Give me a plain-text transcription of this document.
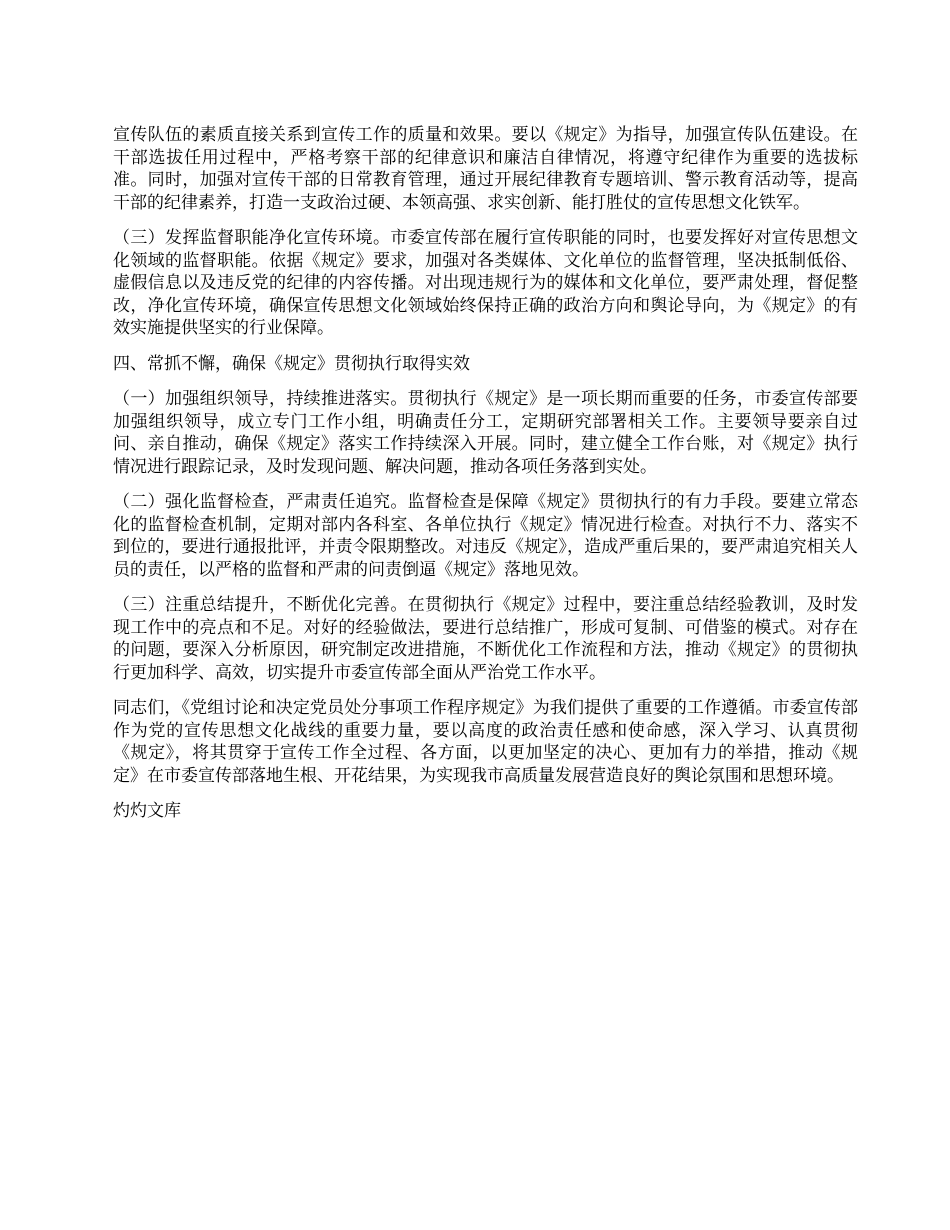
宣传队伍的素质直接关系到宣传工作的质量和效果。要以《规定》为指导，加强宣传队伍建设。在干部选拔任用过程中，严格考察干部的纪律意识和廉洁自律情况，将遵守纪律作为重要的选拔标准。同时，加强对宣传干部的日常教育管理，通过开展纪律教育专题培训、警示教育活动等，提高干部的纪律素养，打造一支政治过硬、本领高强、求实创新、能打胜仗的宣传思想文化铁军。

（三）发挥监督职能净化宣传环境。市委宣传部在履行宣传职能的同时，也要发挥好对宣传思想文化领域的监督职能。依据《规定》要求，加强对各类媒体、文化单位的监督管理，坚决抵制低俗、虚假信息以及违反党的纪律的内容传播。对出现违规行为的媒体和文化单位，要严肃处理，督促整改，净化宣传环境，确保宣传思想文化领域始终保持正确的政治方向和舆论导向，为《规定》的有效实施提供坚实的行业保障。

四、常抓不懈，确保《规定》贯彻执行取得实效

（一）加强组织领导，持续推进落实。贯彻执行《规定》是一项长期而重要的任务，市委宣传部要加强组织领导，成立专门工作小组，明确责任分工，定期研究部署相关工作。主要领导要亲自过问、亲自推动，确保《规定》落实工作持续深入开展。同时，建立健全工作台账，对《规定》执行情况进行跟踪记录，及时发现问题、解决问题，推动各项任务落到实处。

（二）强化监督检查，严肃责任追究。监督检查是保障《规定》贯彻执行的有力手段。要建立常态化的监督检查机制，定期对部内各科室、各单位执行《规定》情况进行检查。对执行不力、落实不到位的，要进行通报批评，并责令限期整改。对违反《规定》，造成严重后果的，要严肃追究相关人员的责任，以严格的监督和严肃的问责倒逼《规定》落地见效。

（三）注重总结提升，不断优化完善。在贯彻执行《规定》过程中，要注重总结经验教训，及时发现工作中的亮点和不足。对好的经验做法，要进行总结推广，形成可复制、可借鉴的模式。对存在的问题，要深入分析原因，研究制定改进措施，不断优化工作流程和方法，推动《规定》的贯彻执行更加科学、高效，切实提升市委宣传部全面从严治党工作水平。

同志们，《党组讨论和决定党员处分事项工作程序规定》为我们提供了重要的工作遵循。市委宣传部作为党的宣传思想文化战线的重要力量，要以高度的政治责任感和使命感，深入学习、认真贯彻《规定》，将其贯穿于宣传工作全过程、各方面，以更加坚定的决心、更加有力的举措，推动《规定》在市委宣传部落地生根、开花结果，为实现我市高质量发展营造良好的舆论氛围和思想环境。

灼灼文库
